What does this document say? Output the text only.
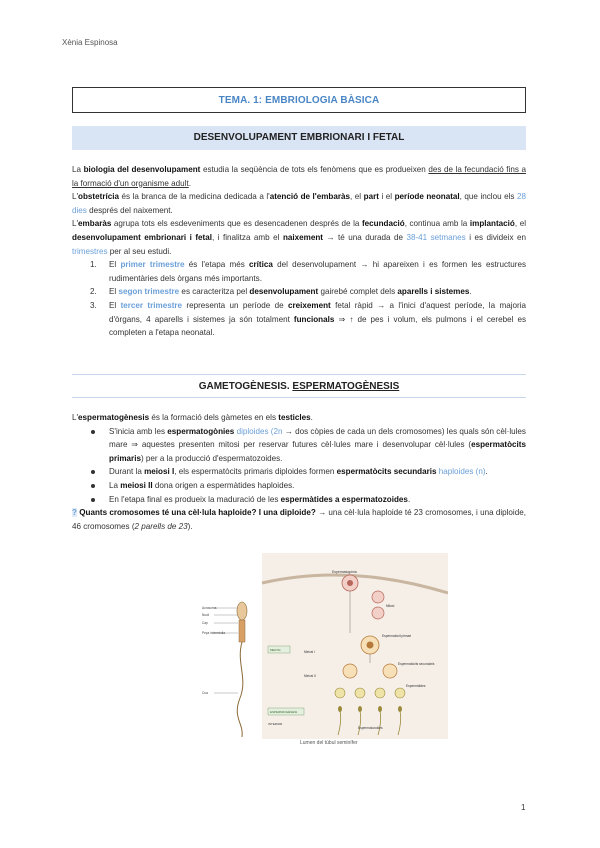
Xènia Espinosa
TEMA. 1: EMBRIOLOGIA BÀSICA
DESENVOLUPAMENT EMBRIONARI I FETAL

La biologia del desenvolupament estudia la seqüència de tots els fenòmens que es produeixen des de la fecundació fins a la formació d'un organisme adult.

L'obstetrícia és la branca de la medicina dedicada a l'atenció de l'embaràs, el part i el període neonatal, que inclou els 28 dies després del naixement.

L'embaràs agrupa tots els esdeveniments que es desencadenen després de la fecundació, continua amb la implantació, el desenvolupament embrionari i fetal, i finalitza amb el naixement → té una durada de 38-41 setmanes i es divideix en trimestres per al seu estudi.

1. El primer trimestre és l'etapa més crítica del desenvolupament → hi apareixen i es formen les estructures rudimentàries dels òrgans més importants.
2. El segon trimestre es caracteritza pel desenvolupament gairebé complet dels aparells i sistemes.
3. El tercer trimestre representa un període de creixement fetal ràpid → a l'inici d'aquest període, la majoria d'òrgans, 4 aparells i sistemes ja són totalment funcionals ⇒ ↑ de pes i volum, els pulmons i el cerebel es completen a l'etapa neonatal.
GAMETOGÈNESIS. ESPERMATOGÈNESIS

L'espermatogènesis és la formació dels gàmetes en els testicles.

S'inicia amb les espermatogònies diploides (2n → dos còpies de cada un dels cromosomes) les quals són cèl·lules mare ⇒ aquestes presenten mitosi per reservar futures cèl·lules mare i desenvolupar cèl·lules (espermatòcits primaris) per a la producció d'espermatozoides.
Durant la meiosi I, els espermatòcits primaris diploides formen espermatòcits secundaris haploides (n).
La meiosi II dona origen a espermàtides haploides.
En l'etapa final es produeix la maduració de les espermàtides a espermatozoides.

? Quants cromosomes té una cèl·lula haploide? I una diploide? → una cèl·lula haploide té 23 cromosomes, i una diploide, 46 cromosomes (2 parells de 23).

Acrosoma
Nucli
Cap
Peça intermèdia
Cua
Espermatogònia
Mitosi
Espermatòcit primari
Meiosi I
Espermatòcits secundaris
Meiosi II
Espermàtides
Espermatozoides
MEIOSI
ESPERMIOGÈNESI
INTERIOR
Lumen del túbul seminífer
1
